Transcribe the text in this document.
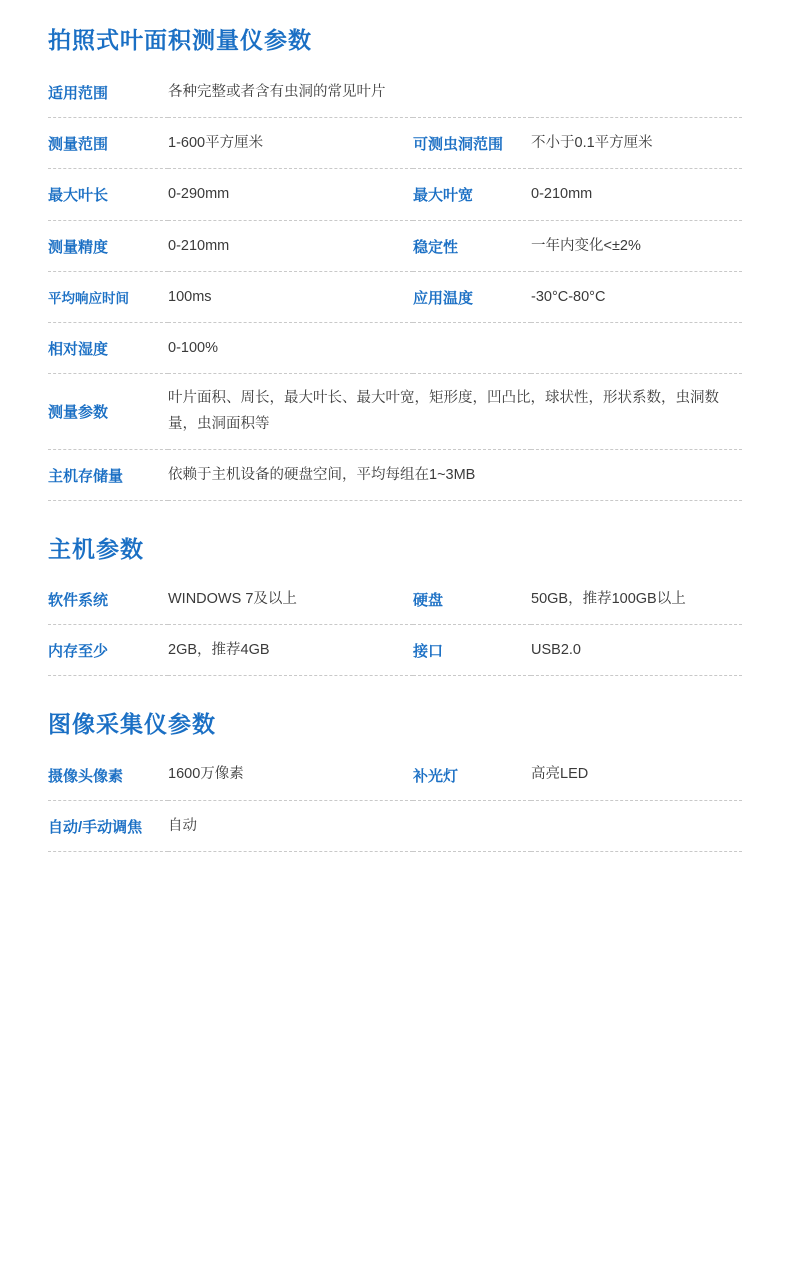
拍照式叶面积测量仪参数
适用范围	各种完整或者含有虫洞的常见叶片		
测量范围	1-600平方厘米	可测虫洞范围	不小于0.1平方厘米
最大叶长	0-290mm	最大叶宽	0-210mm
测量精度	0-210mm	稳定性	一年内变化<±2%
平均响应时间	100ms	应用温度	-30°C-80°C
相对湿度	0-100%		
测量参数	叶片面积、周长，最大叶长、最大叶宽，矩形度，凹凸比，球状性，形状系数，虫洞数量，虫洞面积等		
主机存储量	依赖于主机设备的硬盘空间，平均每组在1~3MB		
主机参数
软件系统	WINDOWS 7及以上	硬盘	50GB，推荐100GB以上
内存至少	2GB，推荐4GB	接口	USB2.0
图像采集仪参数
摄像头像素	1600万像素	补光灯	高亮LED
自动/手动调焦	自动		
